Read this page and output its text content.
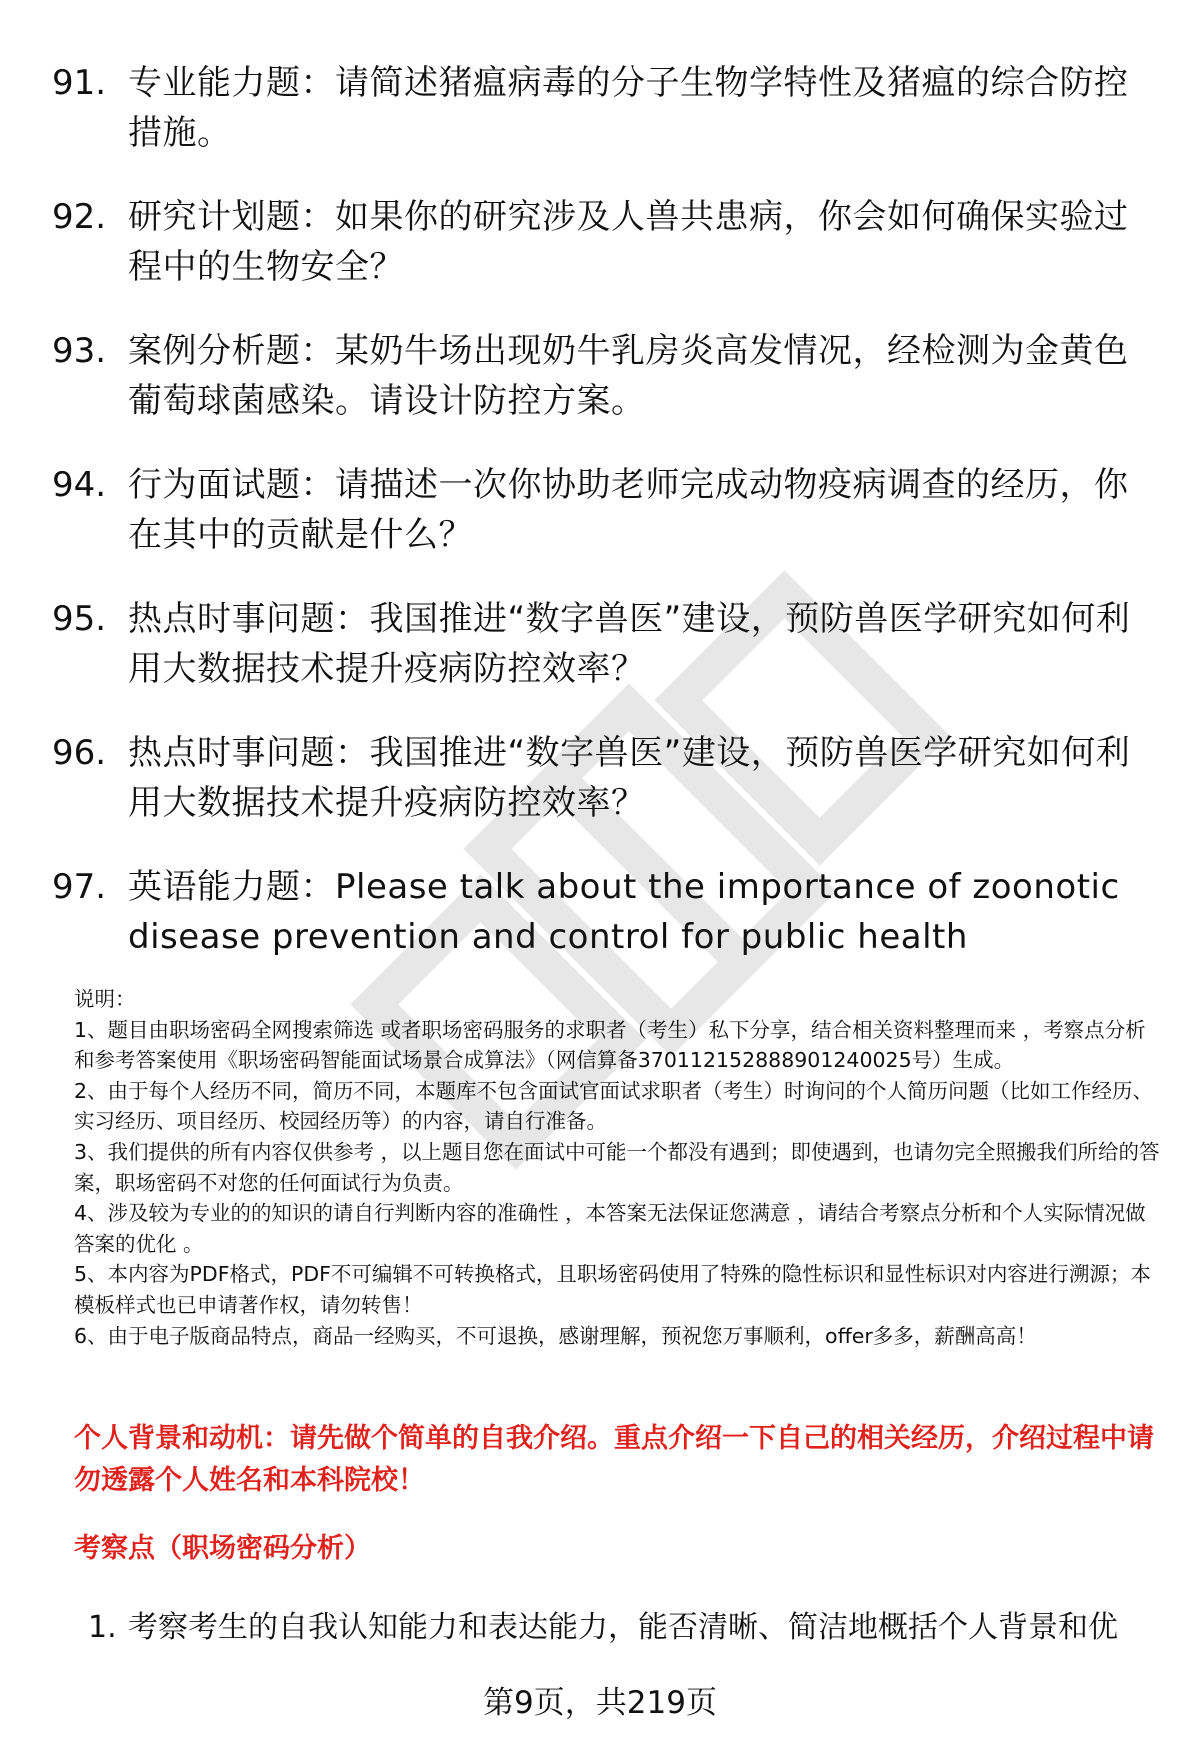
91. 专业能力题：请简述猪瘟病毒的分子生物学特性及猪瘟的综合防控措施。
92. 研究计划题：如果你的研究涉及人兽共患病，你会如何确保实验过程中的生物安全？
93. 案例分析题：某奶牛场出现奶牛乳房炎高发情况，经检测为金黄色葡萄球菌感染。请设计防控方案。
94. 行为面试题：请描述一次你协助老师完成动物疫病调查的经历，你在其中的贡献是什么？
95. 热点时事问题：我国推进“数字兽医”建设，预防兽医学研究如何利用大数据技术提升疫病防控效率？
96. 热点时事问题：我国推进“数字兽医”建设，预防兽医学研究如何利用大数据技术提升疫病防控效率？
97. 英语能力题：Please talk about the importance of zoonotic disease prevention and control for public health

说明：

1、题目由职场密码全网搜索筛选 或者职场密码服务的求职者（考生）私下分享，结合相关资料整理而来 ，考察点分析和参考答案使用《职场密码智能面试场景合成算法》（网信算备370112152888901240025号）生成。

2、由于每个人经历不同，简历不同，本题库不包含面试官面试求职者（考生）时询问的个人简历问题（比如工作经历、实习经历、项目经历、校园经历等）的内容，请自行准备。

3、我们提供的所有内容仅供参考 ，以上题目您在面试中可能一个都没有遇到；即使遇到，也请勿完全照搬我们所给的答案，职场密码不对您的任何面试行为负责。

4、涉及较为专业的的知识的请自行判断内容的准确性 ，本答案无法保证您满意 ，请结合考察点分析和个人实际情况做答案的优化 。

5、本内容为PDF格式，PDF不可编辑不可转换格式，且职场密码使用了特殊的隐性标识和显性标识对内容进行溯源；本模板样式也已申请著作权，请勿转售！

6、由于电子版商品特点，商品一经购买，不可退换，感谢理解，预祝您万事顺利，offer多多，薪酬高高！

个人背景和动机：请先做个简单的自我介绍。重点介绍一下自己的相关经历，介绍过程中请勿透露个人姓名和本科院校！
考察点（职场密码分析）
1. 考察考生的自我认知能力和表达能力，能否清晰、简洁地概括个人背景和优
第9页，共219页
